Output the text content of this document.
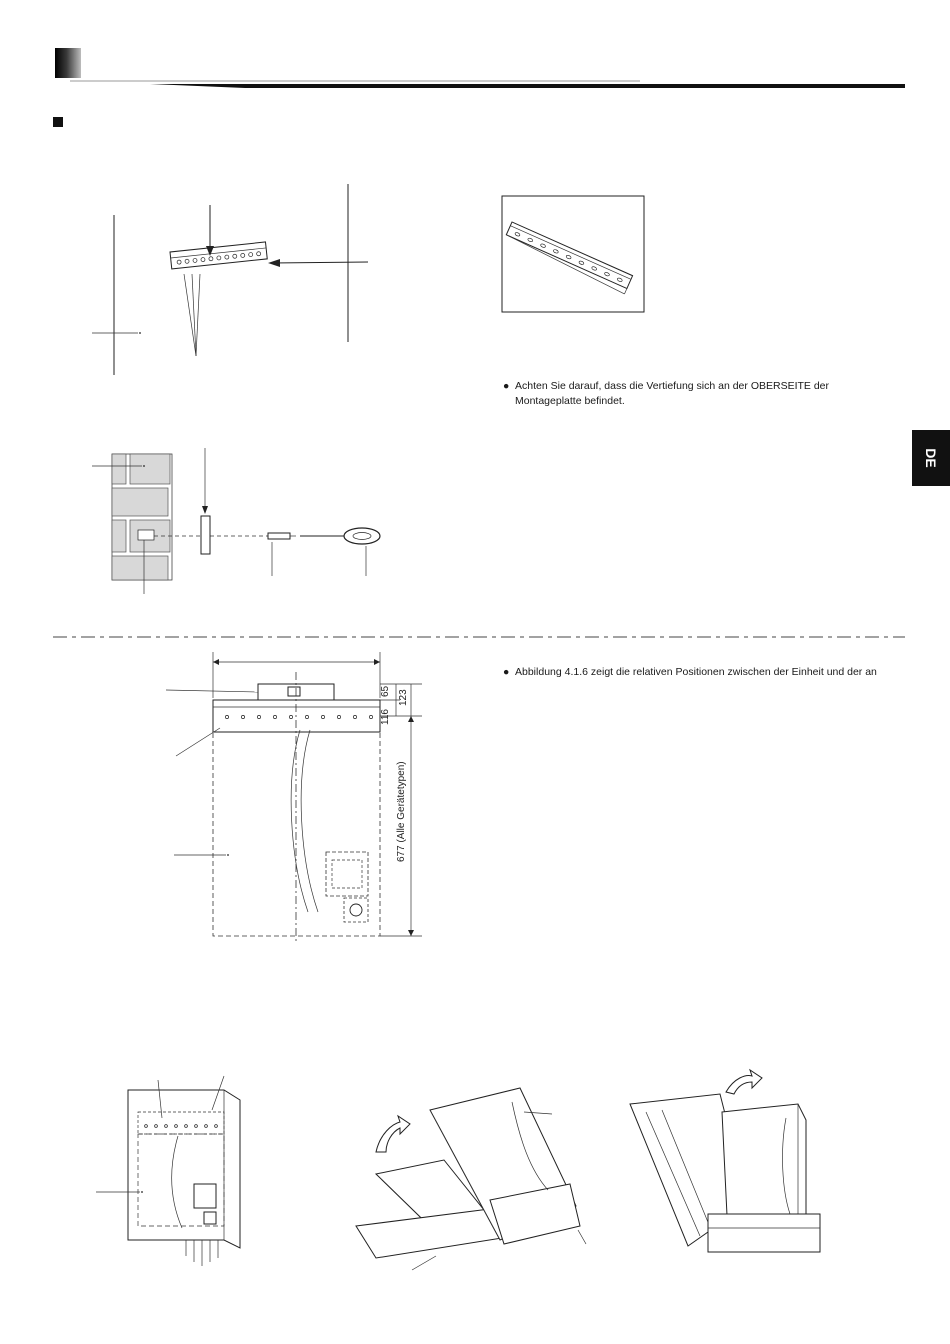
DE
● Achten Sie darauf, dass die Vertiefung sich an der OBERSEITE der Montageplatte befindet.
● Abbildung 4.1.6 zeigt die relativen Positionen zwischen der Einheit und der an
65 123
116
677 (Alle Gerätetypen)
